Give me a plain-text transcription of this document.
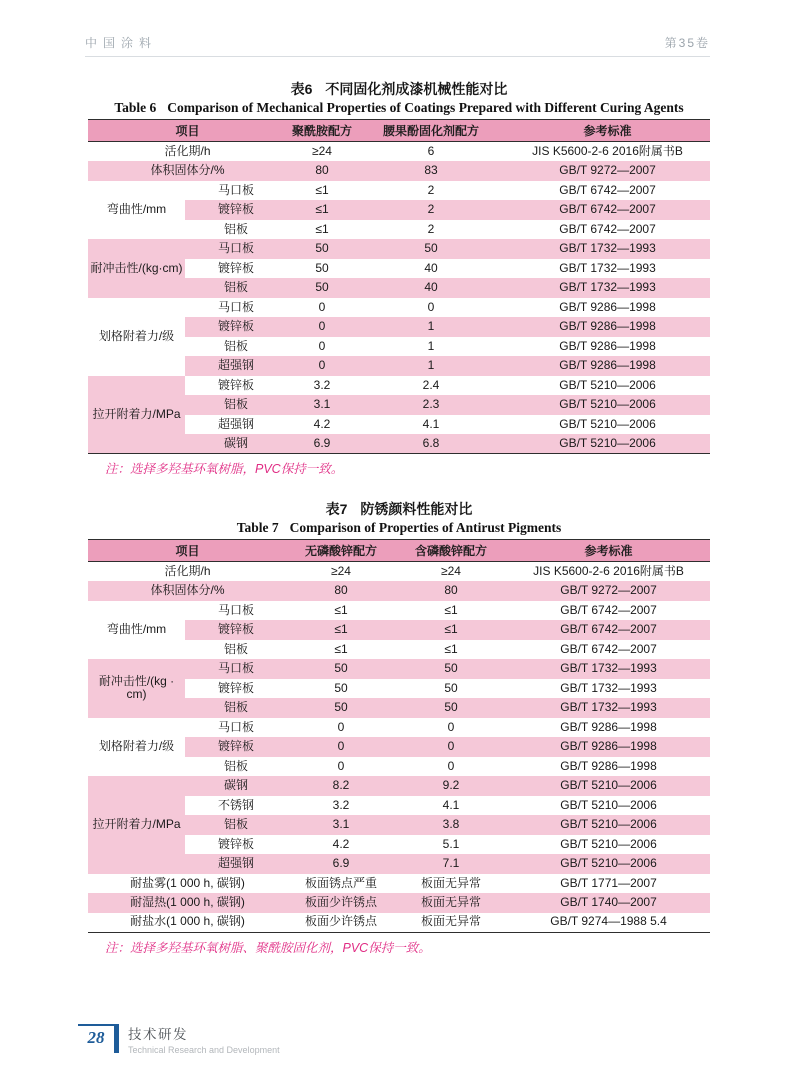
中国涂料	第35卷
表6 不同固化剂成漆机械性能对比
Table 6 Comparison of Mechanical Properties of Coatings Prepared with Different Curing Agents
项目		聚酰胺配方	腰果酚固化剂配方	参考标准
活化期/h		≥24	6	JIS K5600-2-6 2016附属书B
体积固体分/%		80	83	GB/T 9272—2007
弯曲性/mm	马口板	≤1	2	GB/T 6742—2007
	镀锌板	≤1	2	GB/T 6742—2007
	铝板	≤1	2	GB/T 6742—2007
耐冲击性/(kg·cm)	马口板	50	50	GB/T 1732—1993
	镀锌板	50	40	GB/T 1732—1993
	铝板	50	40	GB/T 1732—1993
划格附着力/级	马口板	0	0	GB/T 9286—1998
	镀锌板	0	1	GB/T 9286—1998
	铝板	0	1	GB/T 9286—1998
	超强钢	0	1	GB/T 9286—1998
拉开附着力/MPa	镀锌板	3.2	2.4	GB/T 5210—2006
	铝板	3.1	2.3	GB/T 5210—2006
	超强钢	4.2	4.1	GB/T 5210—2006
	碳钢	6.9	6.8	GB/T 5210—2006
注：选择多羟基环氧树脂，PVC保持一致。
表7 防锈颜料性能对比
Table 7 Comparison of Properties of Antirust Pigments
项目		无磷酸锌配方	含磷酸锌配方	参考标准
活化期/h		≥24	≥24	JIS K5600-2-6 2016附属书B
体积固体分/%		80	80	GB/T 9272—2007
弯曲性/mm	马口板	≤1	≤1	GB/T 6742—2007
	镀锌板	≤1	≤1	GB/T 6742—2007
	铝板	≤1	≤1	GB/T 6742—2007
耐冲击性/(kg · cm)	马口板	50	50	GB/T 1732—1993
	镀锌板	50	50	GB/T 1732—1993
	铝板	50	50	GB/T 1732—1993
划格附着力/级	马口板	0	0	GB/T 9286—1998
	镀锌板	0	0	GB/T 9286—1998
	铝板	0	0	GB/T 9286—1998
拉开附着力/MPa	碳钢	8.2	9.2	GB/T 5210—2006
	不锈钢	3.2	4.1	GB/T 5210—2006
	铝板	3.1	3.8	GB/T 5210—2006
	镀锌板	4.2	5.1	GB/T 5210—2006
	超强钢	6.9	7.1	GB/T 5210—2006
耐盐雾(1 000 h, 碳钢)		板面锈点严重	板面无异常	GB/T 1771—2007
耐湿热(1 000 h, 碳钢)		板面少许锈点	板面无异常	GB/T 1740—2007
耐盐水(1 000 h, 碳钢)		板面少许锈点	板面无异常	GB/T 9274—1988 5.4
注：选择多羟基环氧树脂、聚酰胺固化剂，PVC保持一致。
28	技术研发
Technical Research and Development
